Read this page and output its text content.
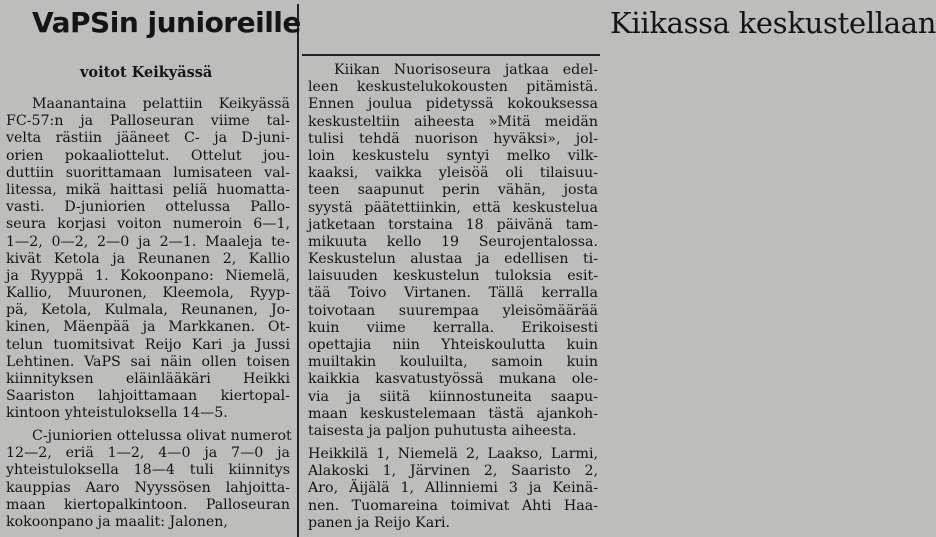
VaPSin junioreille
voitot Keikyässä
Maanantaina pelattiin Keikyässä
FC-57:n ja Palloseuran viime tal-
velta rästiin jääneet C- ja D-juni-
orien pokaaliottelut. Ottelut jou-
duttiin suorittamaan lumisateen val-
litessa, mikä haittasi peliä huomatta-
vasti. D-juniorien ottelussa Pallo-
seura korjasi voiton numeroin 6—1,
1—2, 0—2, 2—0 ja 2—1. Maaleja te-
kivät Ketola ja Reunanen 2, Kallio
ja Ryyppä 1. Kokoonpano: Niemelä,
Kallio, Muuronen, Kleemola, Ryyp-
pä, Ketola, Kulmala, Reunanen, Jo-
kinen, Mäenpää ja Markkanen. Ot-
telun tuomitsivat Reijo Kari ja Jussi
Lehtinen. VaPS sai näin ollen toisen
kiinnityksen eläinlääkäri Heikki
Saariston lahjoittamaan kiertopal-
kintoon yhteistuloksella 14—5.
C-juniorien ottelussa olivat numerot
12—2, eriä 1—2, 4—0 ja 7—0 ja
yhteistuloksella 18—4 tuli kiinnitys
kauppias Aaro Nyyssösen lahjoitta-
maan kiertopalkintoon. Palloseuran
kokoonpano ja maalit: Jalonen,
Kiikassa keskustellaan
Kiikan Nuorisoseura jatkaa edel-
leen keskustelukokousten pitämistä.
Ennen joulua pidetyssä kokouksessa
keskusteltiin aiheesta »Mitä meidän
tulisi tehdä nuorison hyväksi», jol-
loin keskustelu syntyi melko vilk-
kaaksi, vaikka yleisöä oli tilaisuu-
teen saapunut perin vähän, josta
syystä päätettiinkin, että keskustelua
jatketaan torstaina 18 päivänä tam-
mikuuta kello 19 Seurojentalossa.
Keskustelun alustaa ja edellisen ti-
laisuuden keskustelun tuloksia esit-
tää Toivo Virtanen. Tällä kerralla
toivotaan suurempaa yleisömäärää
kuin viime kerralla. Erikoisesti
opettajia niin Yhteiskoulutta kuin
muiltakin kouluilta, samoin kuin
kaikkia kasvatustyössä mukana ole-
via ja siitä kiinnostuneita saapu-
maan keskustelemaan tästä ajankoh-
taisesta ja paljon puhutusta aiheesta.
Heikkilä 1, Niemelä 2, Laakso, Larmi,
Alakoski 1, Järvinen 2, Saaristo 2,
Aro, Äijälä 1, Allinniemi 3 ja Keinä-
nen. Tuomareina toimivat Ahti Haa-
panen ja Reijo Kari.
